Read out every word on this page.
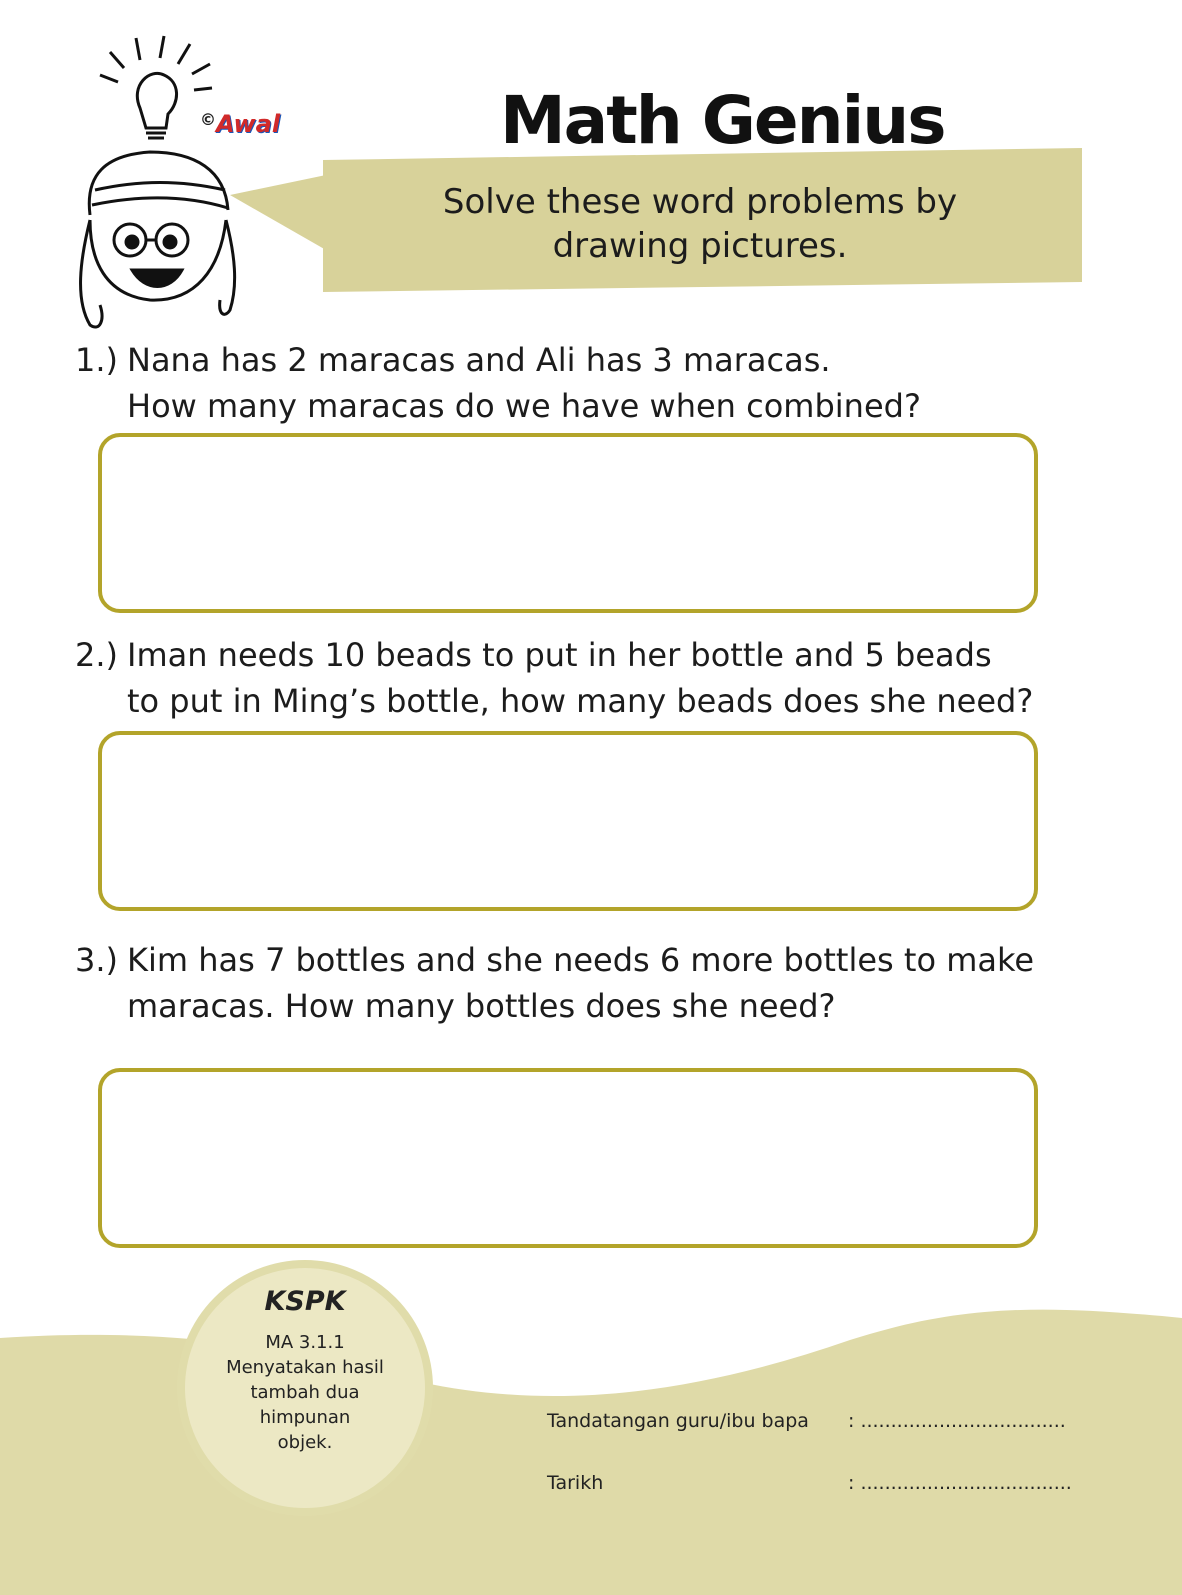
©Awal	Math Genius
Solve these word problems by
drawing pictures.
1.) Nana has 2 maracas and Ali has 3 maracas.
How many maracas do we have when combined?
2.) Iman needs 10 beads to put in her bottle and 5 beads
to put in Ming’s bottle, how many beads does she need?
3.) Kim has 7 bottles and she needs 6 more bottles to make
maracas. How many bottles does she need?
KSPK
MA 3.1.1
Menyatakan hasil
tambah dua
himpunan
objek.
Tandatangan guru/ibu bapa : ..................................
Tarikh	: ...................................
